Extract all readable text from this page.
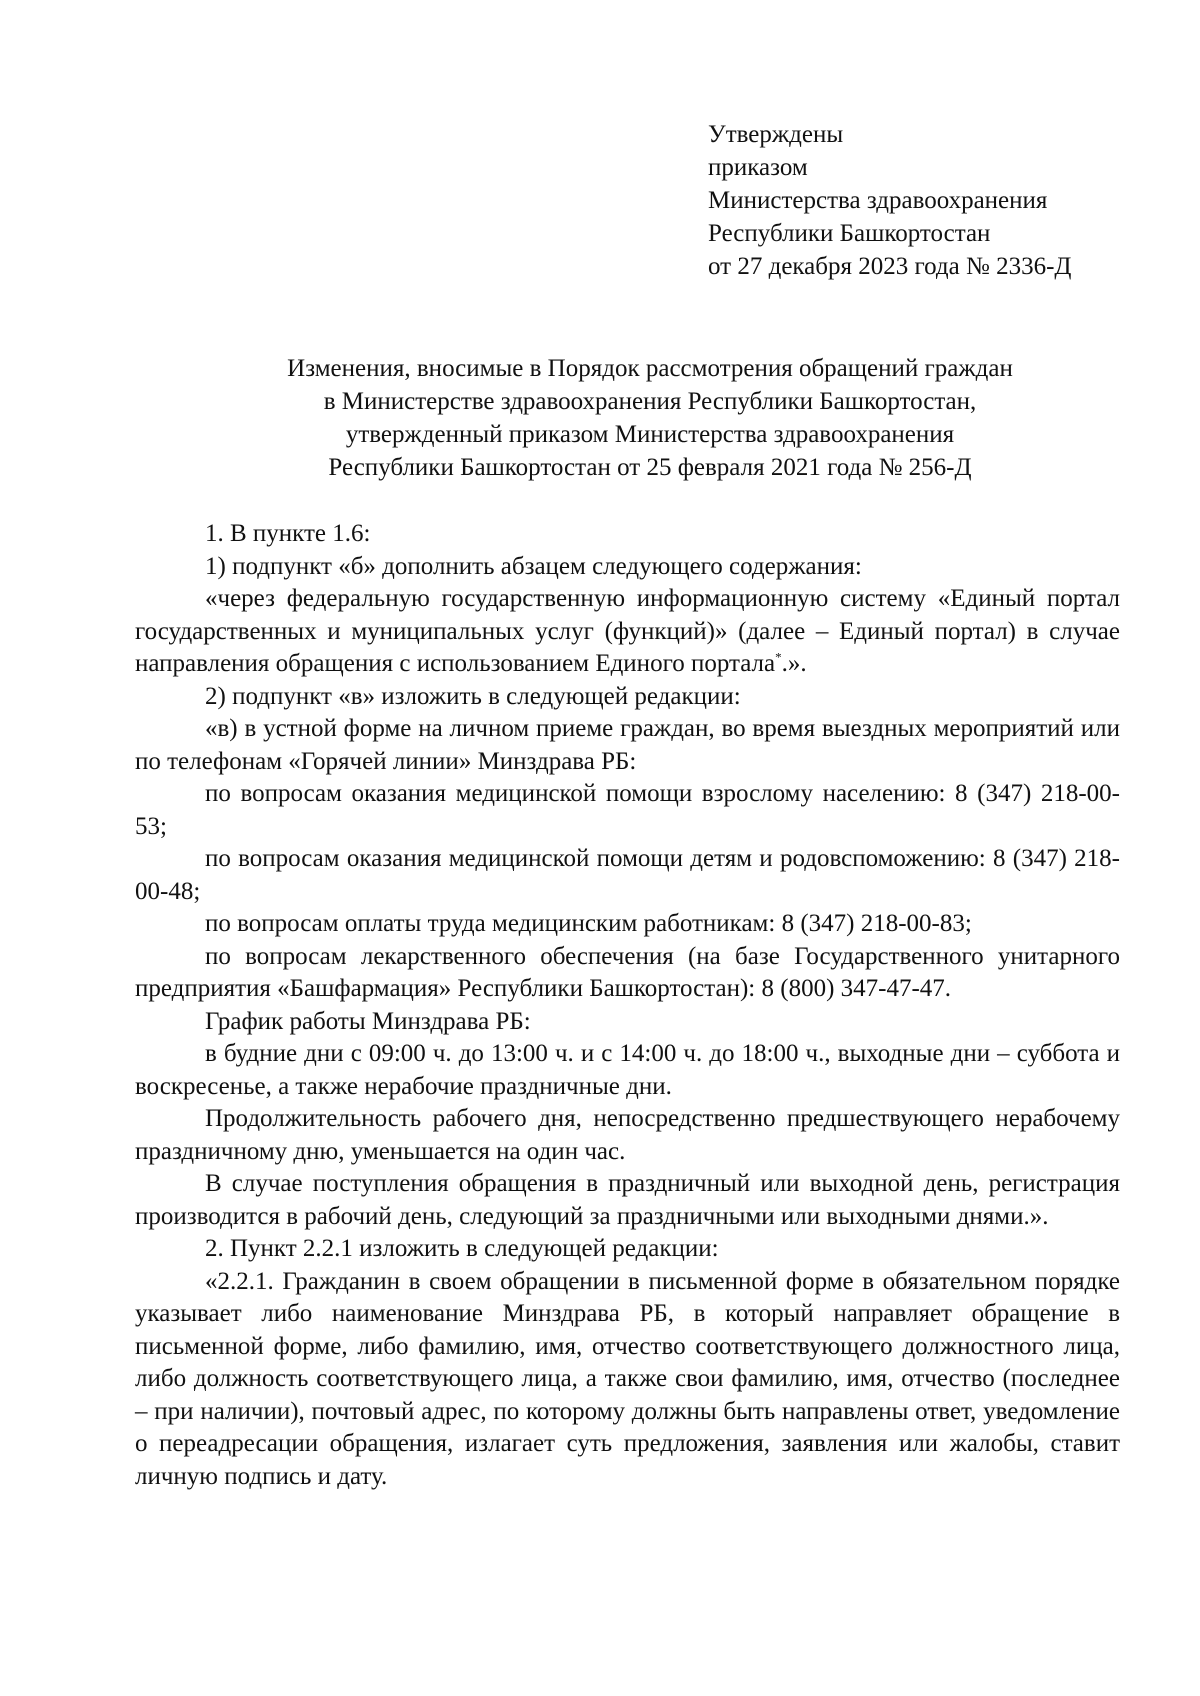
Утверждены
приказом
Министерства здравоохранения
Республики Башкортостан
от 27 декабря 2023 года № 2336-Д
Изменения, вносимые в Порядок рассмотрения обращений граждан
в Министерстве здравоохранения Республики Башкортостан,
утвержденный приказом Министерства здравоохранения
Республики Башкортостан от 25 февраля 2021 года № 256-Д

1. В пункте 1.6:

1) подпункт «б» дополнить абзацем следующего содержания:

«через федеральную государственную информационную систему «Единый портал государственных и муниципальных услуг (функций)» (далее – Единый портал) в случае направления обращения с использованием Единого портала*.».

2) подпункт «в» изложить в следующей редакции:

«в) в устной форме на личном приеме граждан, во время выездных мероприятий или по телефонам «Горячей линии» Минздрава РБ:

по вопросам оказания медицинской помощи взрослому населению: 8 (347) 218-00-53;

по вопросам оказания медицинской помощи детям и родовспоможению: 8 (347) 218-00-48;

по вопросам оплаты труда медицинским работникам: 8 (347) 218-00-83;

по вопросам лекарственного обеспечения (на базе Государственного унитарного предприятия «Башфармация» Республики Башкортостан): 8 (800) 347-47-47.

График работы Минздрава РБ:

в будние дни с 09:00 ч. до 13:00 ч. и с 14:00 ч. до 18:00 ч., выходные дни – суббота и воскресенье, а также нерабочие праздничные дни.

Продолжительность рабочего дня, непосредственно предшествующего нерабочему праздничному дню, уменьшается на один час.

В случае поступления обращения в праздничный или выходной день, регистрация производится в рабочий день, следующий за праздничными или выходными днями.».

2. Пункт 2.2.1 изложить в следующей редакции:

«2.2.1. Гражданин в своем обращении в письменной форме в обязательном порядке указывает либо наименование Минздрава РБ, в который направляет обращение в письменной форме, либо фамилию, имя, отчество соответствующего должностного лица, либо должность соответствующего лица, а также свои фамилию, имя, отчество (последнее – при наличии), почтовый адрес, по которому должны быть направлены ответ, уведомление о переадресации обращения, излагает суть предложения, заявления или жалобы, ставит личную подпись и дату.
